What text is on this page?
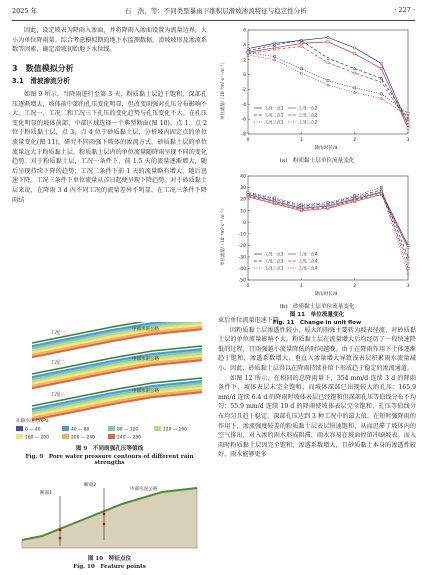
2025 年	石　浩，等：不同类型暴雨下堆积层滑坡渗流特征与稳定性分析	· 227 ·

因此，设定坡表为降雨入渗面，并将降雨入渗面设置为流量边界，大小为单位降雨量。综合考虑模拟期的地下水监测数据、滑坡坡形及渗流系数等因素，确定滑坡初始地下水位线。

3　数值模拟分析
3.1　滑坡渗流分析

如图 9 所示，当降雨进行至第 3 天，粉质黏土层趋于饱和，深部孔压逐渐增大，坡体前中部的孔压变化明显，但改变雨强对孔压分布影响不大。工况一、工况二和工况三下孔压的变化趋势与孔压变化不大。在孔压变化明显的坡体前部、中部区域选择一个典型断面(图 10)，点 1、点 2 位于粉质黏土层，点 3、点 4 位于砂质黏土层，分析坡内固定点的单位流量变化(图 11)，研究不同雨强下坡体的渗流方式。砂质黏土层的单位流量远大于粉质黏土层，粉质黏土层内的单位流量随降雨呈现不同的变化趋势。对于粉质黏土层，工况一条件下，前 1.5 天的流量逐渐增大，随后呈现持续下降的趋势；工况二条件下前 1 天的流量略有增大，随后迅速下降。工况三条件下单位流量从首日起便呈现下降趋势。对于砂质黏土层来说，在降雨 3 d 内不同工况的流量差异不明显，在工况三条件下降雨结

工况一
工况二
工况三
中部水泥公路
中部水泥公路
中部水泥公路
孔隙水压力/kPa
0 — 40	40 — 80	80 — 120	120 — 160
160 — 200	200 — 240	240 — 280
图 9　不同雨强孔压等值线
Fig. 9　Pore water pressure contours of different rain strengths
断面1
断面2
中部水泥公路
图 10　特征点位
Fig. 10　Feature points
单位流量/（10⁻⁶m³·s⁻¹·m⁻¹）
降雨时长/d
6
4
2
0
-2
-4
-6
-8
0	1	2	3
工况一点1	工况一点2
工况二点1	工况二点2
工况三点1	工况三点2
(a)　粉质黏土层单位流量变化
单位流量/（10⁻⁶m³·s⁻¹·m⁻¹）
降雨时长/d
40
30
20
10
0
-10
-20
-30
-40
-50
0	1	2	3
工况一点3	工况一点4
工况二点3	工况二点4
工况三点3	工况三点4
(b)　砂质黏土层单位流量变化
图 11　单位流量变化
Fig. 11　Change in unit flow

束后单位流量迅速下降。

因粉质黏土层渗透性较小，较大的雨强主要转为坡表径流，对砂质黏土层的单位流量影响不大。粉质黏土层在流量增大后均经历了一段快速降低的过程，且雨强越小流量降低的时间越晚。由于在降雨作用下土体逐渐趋于饱和，渗透系数增大，垂直入渗量增大导致浅表层积累雨水流量减小。因此，砂质黏土层得以在降雨持续补给下形成趋于稳定的渗流通道。

如图 12 所示，在相同的总降雨量下，354 mm/d 连续 3 d 的降雨条件下，坡体表层未完全饱和，而坡体深部已出现较大的孔压；165.9 mm/d 连续 6.4 d 的降雨时坡体表层已经饱和但深部孔压等值线分布不均匀；55.9 mm/d 连续 19 d 的降雨使坡体表层完全饱和，孔压等值线分布均匀且趋于稳定，深部孔压达到 3 种工况中的最大值。在短时强降雨的作用下，渗流强度较差的粉质黏土层表层快速饱和，从而迟滞了坡体内的空气排出，对入渗的雨水形成阻滞，雨水容易在坡面停留冲刷坡表。而入雨时粉质黏土层因完全饱和，渗透系数增大，且砂质黏土本身的渗透性较好，雨水能够更多
